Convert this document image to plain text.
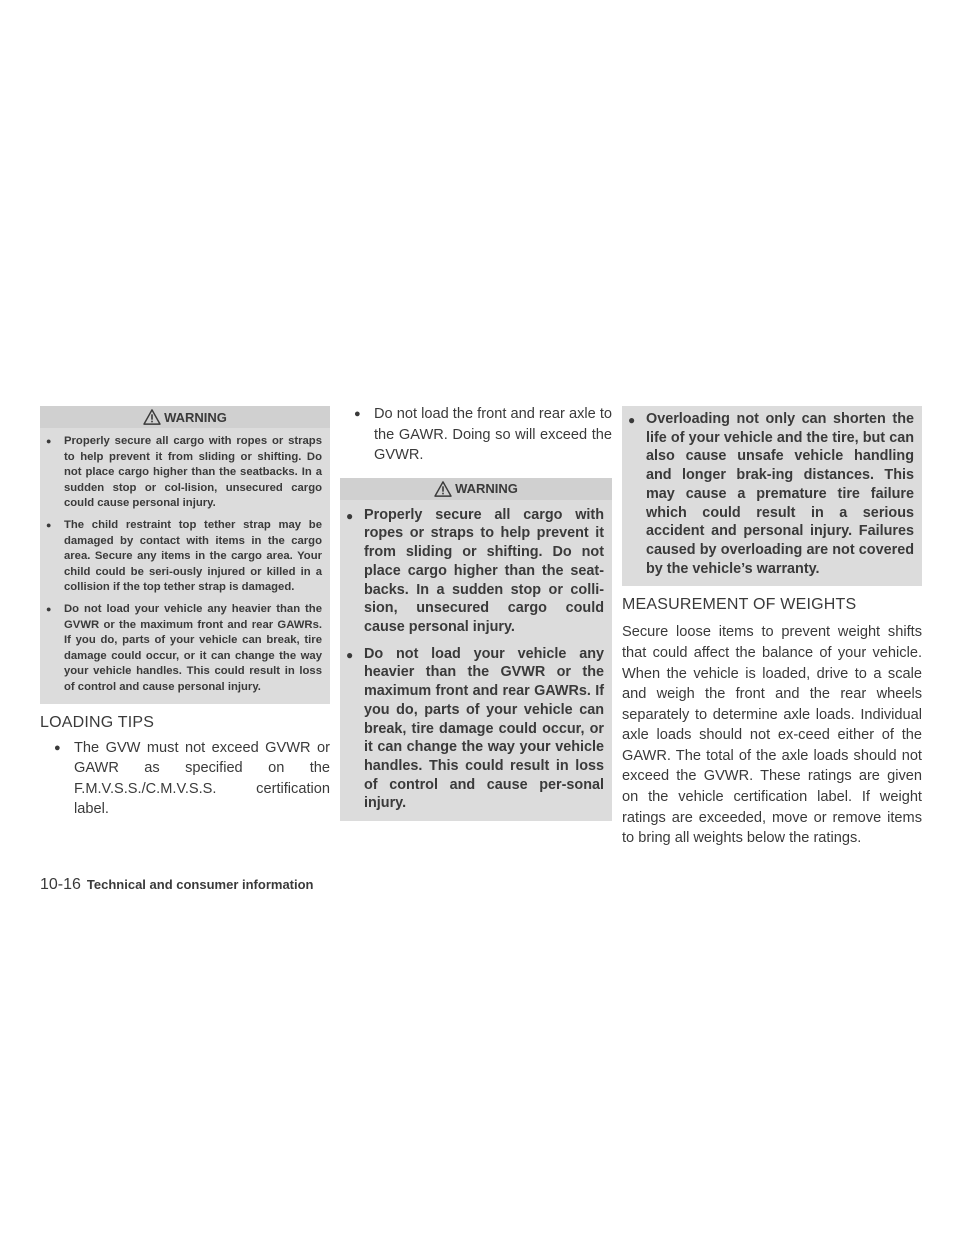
WARNING
● Properly secure all cargo with ropes or straps to help prevent it from sliding or shifting. Do not place cargo higher than the seatbacks. In a sudden stop or col-lision, unsecured cargo could cause personal injury.
● The child restraint top tether strap may be damaged by contact with items in the cargo area. Secure any items in the cargo area. Your child could be seri-ously injured or killed in a collision if the top tether strap is damaged.
● Do not load your vehicle any heavier than the GVWR or the maximum front and rear GAWRs. If you do, parts of your vehicle can break, tire damage could occur, or it can change the way your vehicle handles. This could result in loss of control and cause personal injury.
LOADING TIPS
● The GVW must not exceed GVWR or GAWR as specified on the F.M.V.S.S./C.M.V.S.S. certification label.
● Do not load the front and rear axle to the GAWR. Doing so will exceed the GVWR.
WARNING
● Properly secure all cargo with ropes or straps to help prevent it from sliding or shifting. Do not place cargo higher than the seat-backs. In a sudden stop or colli-sion, unsecured cargo could cause personal injury.
● Do not load your vehicle any heavier than the GVWR or the maximum front and rear GAWRs. If you do, parts of your vehicle can break, tire damage could occur, or it can change the way your vehicle handles. This could result in loss of control and cause per-sonal injury.
● Overloading not only can shorten the life of your vehicle and the tire, but can also cause unsafe vehicle handling and longer brak-ing distances. This may cause a premature tire failure which could result in a serious accident and personal injury. Failures caused by overloading are not covered by the vehicle’s warranty.
MEASUREMENT OF WEIGHTS

Secure loose items to prevent weight shifts that could affect the balance of your vehicle. When the vehicle is loaded, drive to a scale and weigh the front and the rear wheels separately to determine axle loads. Individual axle loads should not ex-ceed either of the GAWR. The total of the axle loads should not exceed the GVWR. These ratings are given on the vehicle certification label. If weight ratings are exceeded, move or remove items to bring all weights below the ratings.

10-16 Technical and consumer information
